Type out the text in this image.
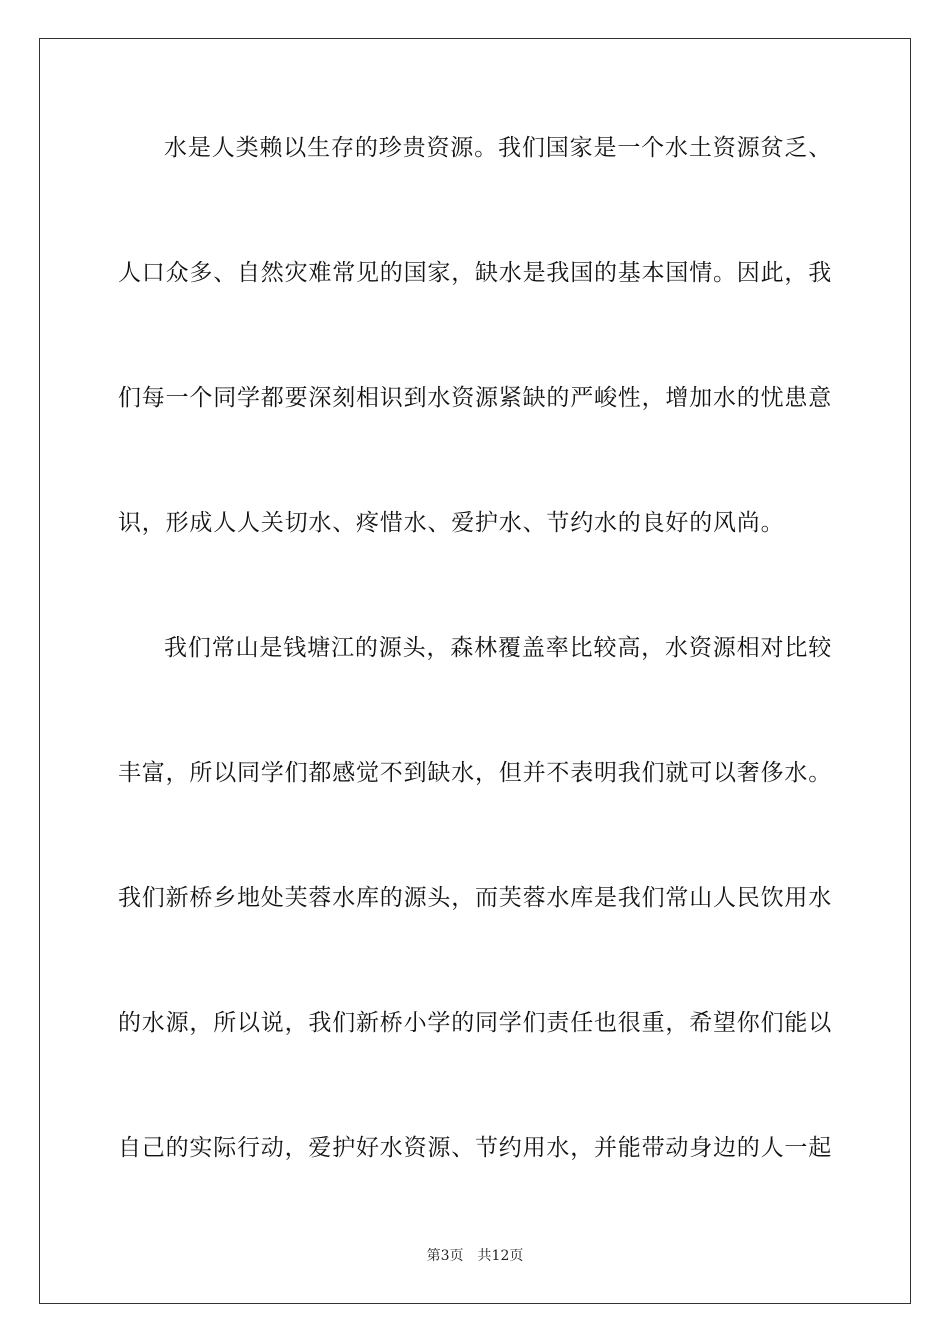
水是人类赖以生存的珍贵资源。我们国家是一个水土资源贫乏、
人口众多、自然灾难常见的国家，缺水是我国的基本国情。因此，我
们每一个同学都要深刻相识到水资源紧缺的严峻性，增加水的忧患意
识，形成人人关切水、疼惜水、爱护水、节约水的良好的风尚。
我们常山是钱塘江的源头，森林覆盖率比较高，水资源相对比较
丰富，所以同学们都感觉不到缺水，但并不表明我们就可以奢侈水。
我们新桥乡地处芙蓉水库的源头，而芙蓉水库是我们常山人民饮用水
的水源，所以说，我们新桥小学的同学们责任也很重，希望你们能以
自己的实际行动，爱护好水资源、节约用水，并能带动身边的人一起
第3页　共12页
